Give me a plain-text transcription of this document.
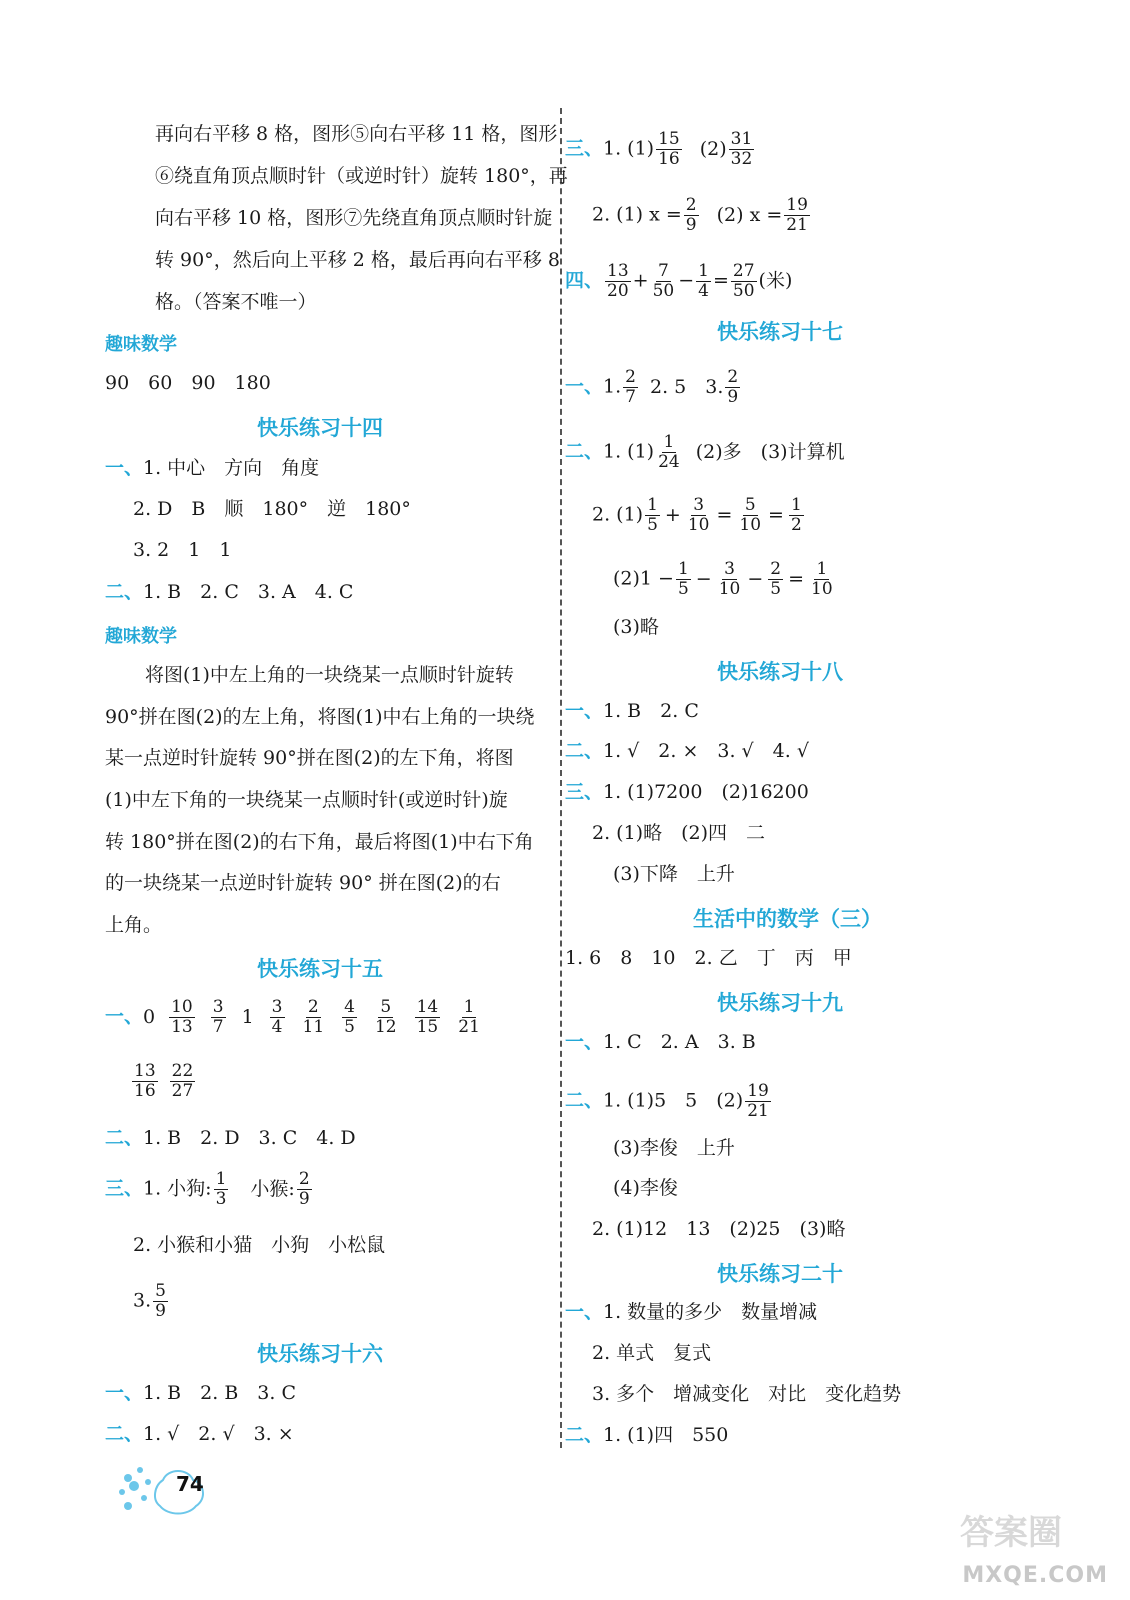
再向右平移 8 格，图形⑤向右平移 11 格，图形
⑥绕直角顶点顺时针（或逆时针）旋转 180°，再
向右平移 10 格，图形⑦先绕直角顶点顺时针旋
转 90°，然后向上平移 2 格，最后再向右平移 8
格。（答案不唯一）
趣味数学
90　60　90　180
快乐练习十四
一、1. 中心　方向　角度
2. D　B　顺　180°　逆　180°
3. 2　1　1
二、1. B　2. C　3. A　4. C
趣味数学
将图(1)中左上角的一块绕某一点顺时针旋转
90°拼在图(2)的左上角，将图(1)中右上角的一块绕
某一点逆时针旋转 90°拼在图(2)的左下角，将图
(1)中左下角的一块绕某一点顺时针(或逆时针)旋
转 180°拼在图(2)的右下角，最后将图(1)中右下角
的一块绕某一点逆时针旋转 90° 拼在图(2)的右
上角。
快乐练习十五
一、$0 \frac{10}{13} \frac{3}{7} 1 \frac{3}{4} \frac{2}{11} \frac{4}{5} \frac{5}{12} \frac{14}{15} \frac{1}{21}$
$\frac{13}{16} \frac{22}{27}$
二、1. B　2. D　3. C　4. D
三、1. 小狗: $\frac{1}{3}$ 小猴: $\frac{2}{9}$
2. 小猴和小猫　小狗　小松鼠
3. $\frac{5}{9}$
快乐练习十六
一、1. B　2. B　3. C
二、1. √　2. √　3. ×
三、1. $(1) \frac{15}{16} (2) \frac{31}{32}$
2. (1) $x = \frac{2}{9} (2) x = \frac{19}{21}$
四、 $\frac{13}{20} + \frac{7}{50} - \frac{1}{4} = \frac{27}{50}$ (米)
快乐练习十七
一、1. $\frac{2}{7} 2$. 5　3. $\frac{2}{9}$
二、1. $(1) \frac{1}{24} (2)$多　(3)计算机
2. $(1) \frac{1}{5} + \frac{3}{10} = \frac{5}{10} = \frac{1}{2}$
$(2)1 - \frac{1}{5} - \frac{3}{10} - \frac{2}{5} = \frac{1}{10}$
(3)略
快乐练习十八
一、1. B　2. C
二、1. √　2. ×　3. √　4. √
三、1. (1)7200　(2)16200
2. (1)略　(2)四　二
(3)下降　上升
生活中的数学（三）
1. 6　8　10　2. 乙　丁　丙　甲
快乐练习十九
一、1. C　2. A　3. B
二、1. (1)5　5　$(2) \frac{19}{21}$
(3)李俊　上升
(4)李俊
2. (1)12　13　(2)25　(3)略
快乐练习二十
一、1. 数量的多少　数量增减
2. 单式　复式
3. 多个　增减变化　对比　变化趋势
二、1. (1)四　550
74
答案圈
MXQE.COM
